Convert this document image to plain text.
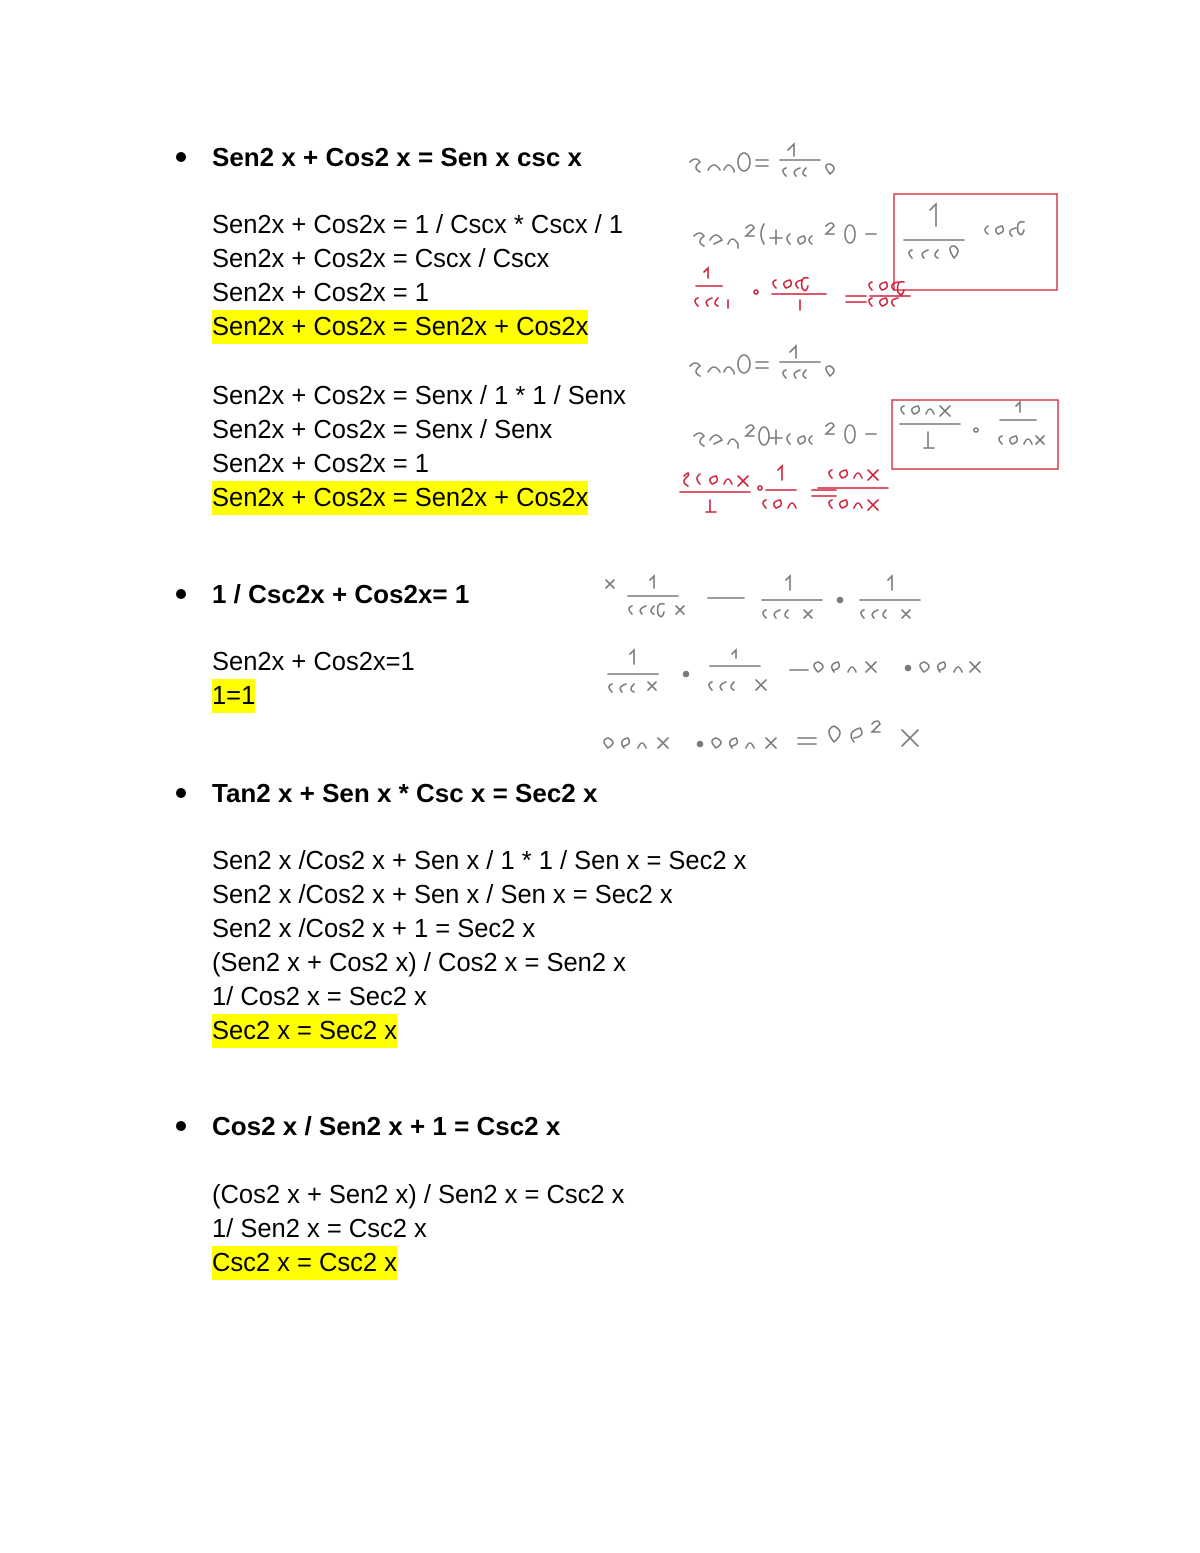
Sen2 x + Cos2 x = Sen x csc x
Sen2x + Cos2x = 1 / Cscx * Cscx / 1
Sen2x + Cos2x = Cscx / Cscx
Sen2x + Cos2x = 1
Sen2x + Cos2x = Sen2x + Cos2x
Sen2x + Cos2x = Senx / 1 * 1 / Senx
Sen2x + Cos2x = Senx / Senx
Sen2x + Cos2x = 1
Sen2x + Cos2x = Sen2x + Cos2x
1 / Csc2x + Cos2x= 1
Sen2x + Cos2x=1
1=1
Tan2 x + Sen x * Csc x = Sec2 x
Sen2 x /Cos2 x + Sen x / 1 * 1 / Sen x = Sec2 x
Sen2 x /Cos2 x + Sen x / Sen x = Sec2 x
Sen2 x /Cos2 x + 1 = Sec2 x
(Sen2 x + Cos2 x) / Cos2 x = Sen2 x
1/ Cos2 x = Sec2 x
Sec2 x = Sec2 x
Cos2 x / Sen2 x + 1 = Csc2 x
(Cos2 x + Sen2 x) / Sen2 x = Csc2 x
1/ Sen2 x = Csc2 x
Csc2 x = Csc2 x
